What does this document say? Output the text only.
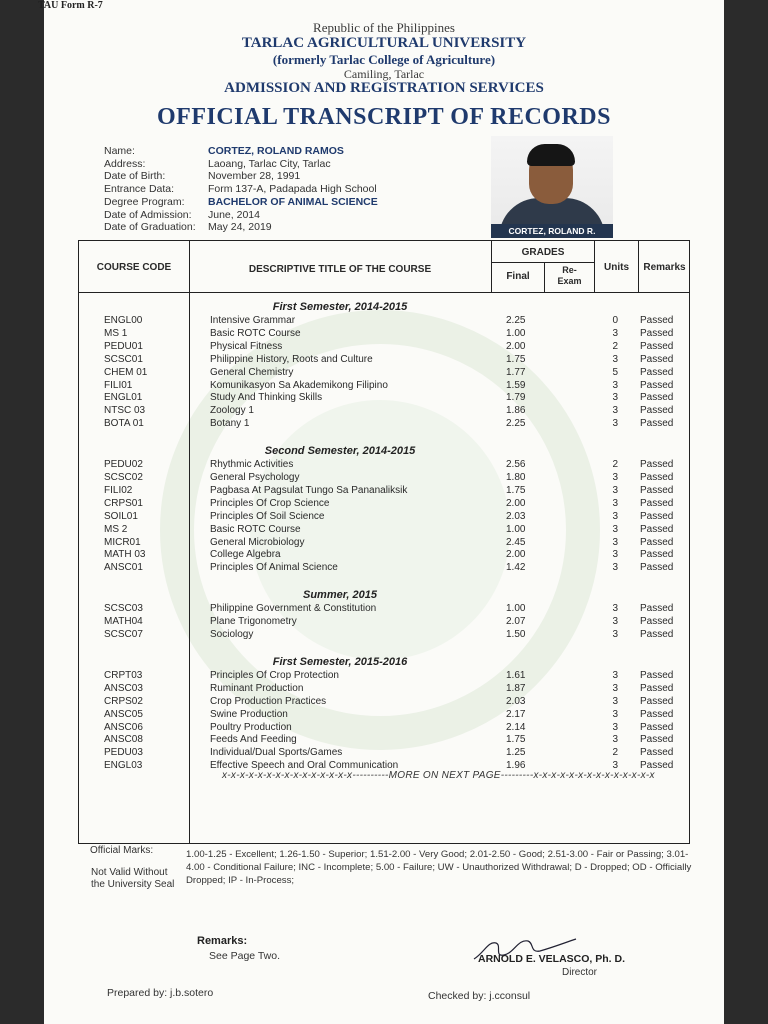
TAU Form R-7
Republic of the Philippines
TARLAC AGRICULTURAL UNIVERSITY
(formerly Tarlac College of Agriculture)
Camiling, Tarlac
ADMISSION AND REGISTRATION SERVICES
OFFICIAL TRANSCRIPT OF RECORDS
Name:	CORTEZ, ROLAND RAMOS
Address:	Laoang, Tarlac City, Tarlac
Date of Birth:	November 28, 1991
Entrance Data:	Form 137-A, Padapada High School
Degree Program:	BACHELOR OF ANIMAL SCIENCE
Date of Admission:	June, 2014
Date of Graduation:	May 24, 2019	CORTEZ, ROLAND R.
COURSE CODE	DESCRIPTIVE TITLE OF THE COURSE
GRADES
Final
Re-
Exam
Units	Remarks
First Semester, 2014-2015
ENGL00	Intensive Grammar	2.25	0 Passed
MS 1	Basic ROTC Course	1.00	3 Passed
PEDU01	Physical Fitness	2.00	2 Passed
SCSC01	Philippine History, Roots and Culture	1.75	3 Passed
CHEM 01	General Chemistry	1.77	5 Passed
FILI01	Komunikasyon Sa Akademikong Filipino	1.59	3 Passed
ENGL01	Study And Thinking Skills	1.79	3 Passed
NTSC 03	Zoology 1	1.86	3 Passed
BOTA 01	Botany 1	2.25	3 Passed
Second Semester, 2014-2015
PEDU02	Rhythmic Activities	2.56	2 Passed
SCSC02	General Psychology	1.80	3 Passed
FILI02	Pagbasa At Pagsulat Tungo Sa Pananaliksik	1.75	3 Passed
CRPS01	Principles Of Crop Science	2.00	3 Passed
SOIL01	Principles Of Soil Science	2.03	3 Passed
MS 2	Basic ROTC Course	1.00	3 Passed
MICR01	General Microbiology	2.45	3 Passed
MATH 03	College Algebra	2.00	3 Passed
ANSC01	Principles Of Animal Science	1.42	3 Passed
Summer, 2015
SCSC03	Philippine Government & Constitution	1.00	3 Passed
MATH04	Plane Trigonometry	2.07	3 Passed
SCSC07	Sociology	1.50	3 Passed
First Semester, 2015-2016
CRPT03	Principles Of Crop Protection	1.61	3 Passed
ANSC03	Ruminant Production	1.87	3 Passed
CRPS02	Crop Production Practices	2.03	3 Passed
ANSC05	Swine Production	2.17	3 Passed
ANSC06	Poultry Production	2.14	3 Passed
ANSC08	Feeds And Feeding	1.75	3 Passed
PEDU03	Individual/Dual Sports/Games	1.25	2 Passed
ENGL03	Effective Speech and Oral Communication	1.96	3 Passed
x-x-x-x-x-x-x-x-x-x-x-x-x-x-x----------MORE ON NEXT PAGE---------x-x-x-x-x-x-x-x-x-x-x-x-x-x
Official Marks:	1.00-1.25 - Excellent; 1.26-1.50 - Superior; 1.51-2.00 - Very Good; 2.01-2.50 - Good; 2.51-3.00 - Fair or Passing; 3.01-4.00 - Conditional Failure; INC - Incomplete; 5.00 - Failure; UW - Unauthorized Withdrawal; D - Dropped; OD - Officially Dropped; IP - In-Process;
Not Valid Without
the University Seal
Remarks:
See Page Two.	ARNOLD E. VELASCO, Ph. D.
Director
Prepared by: j.b.sotero	Checked by: j.cconsul
